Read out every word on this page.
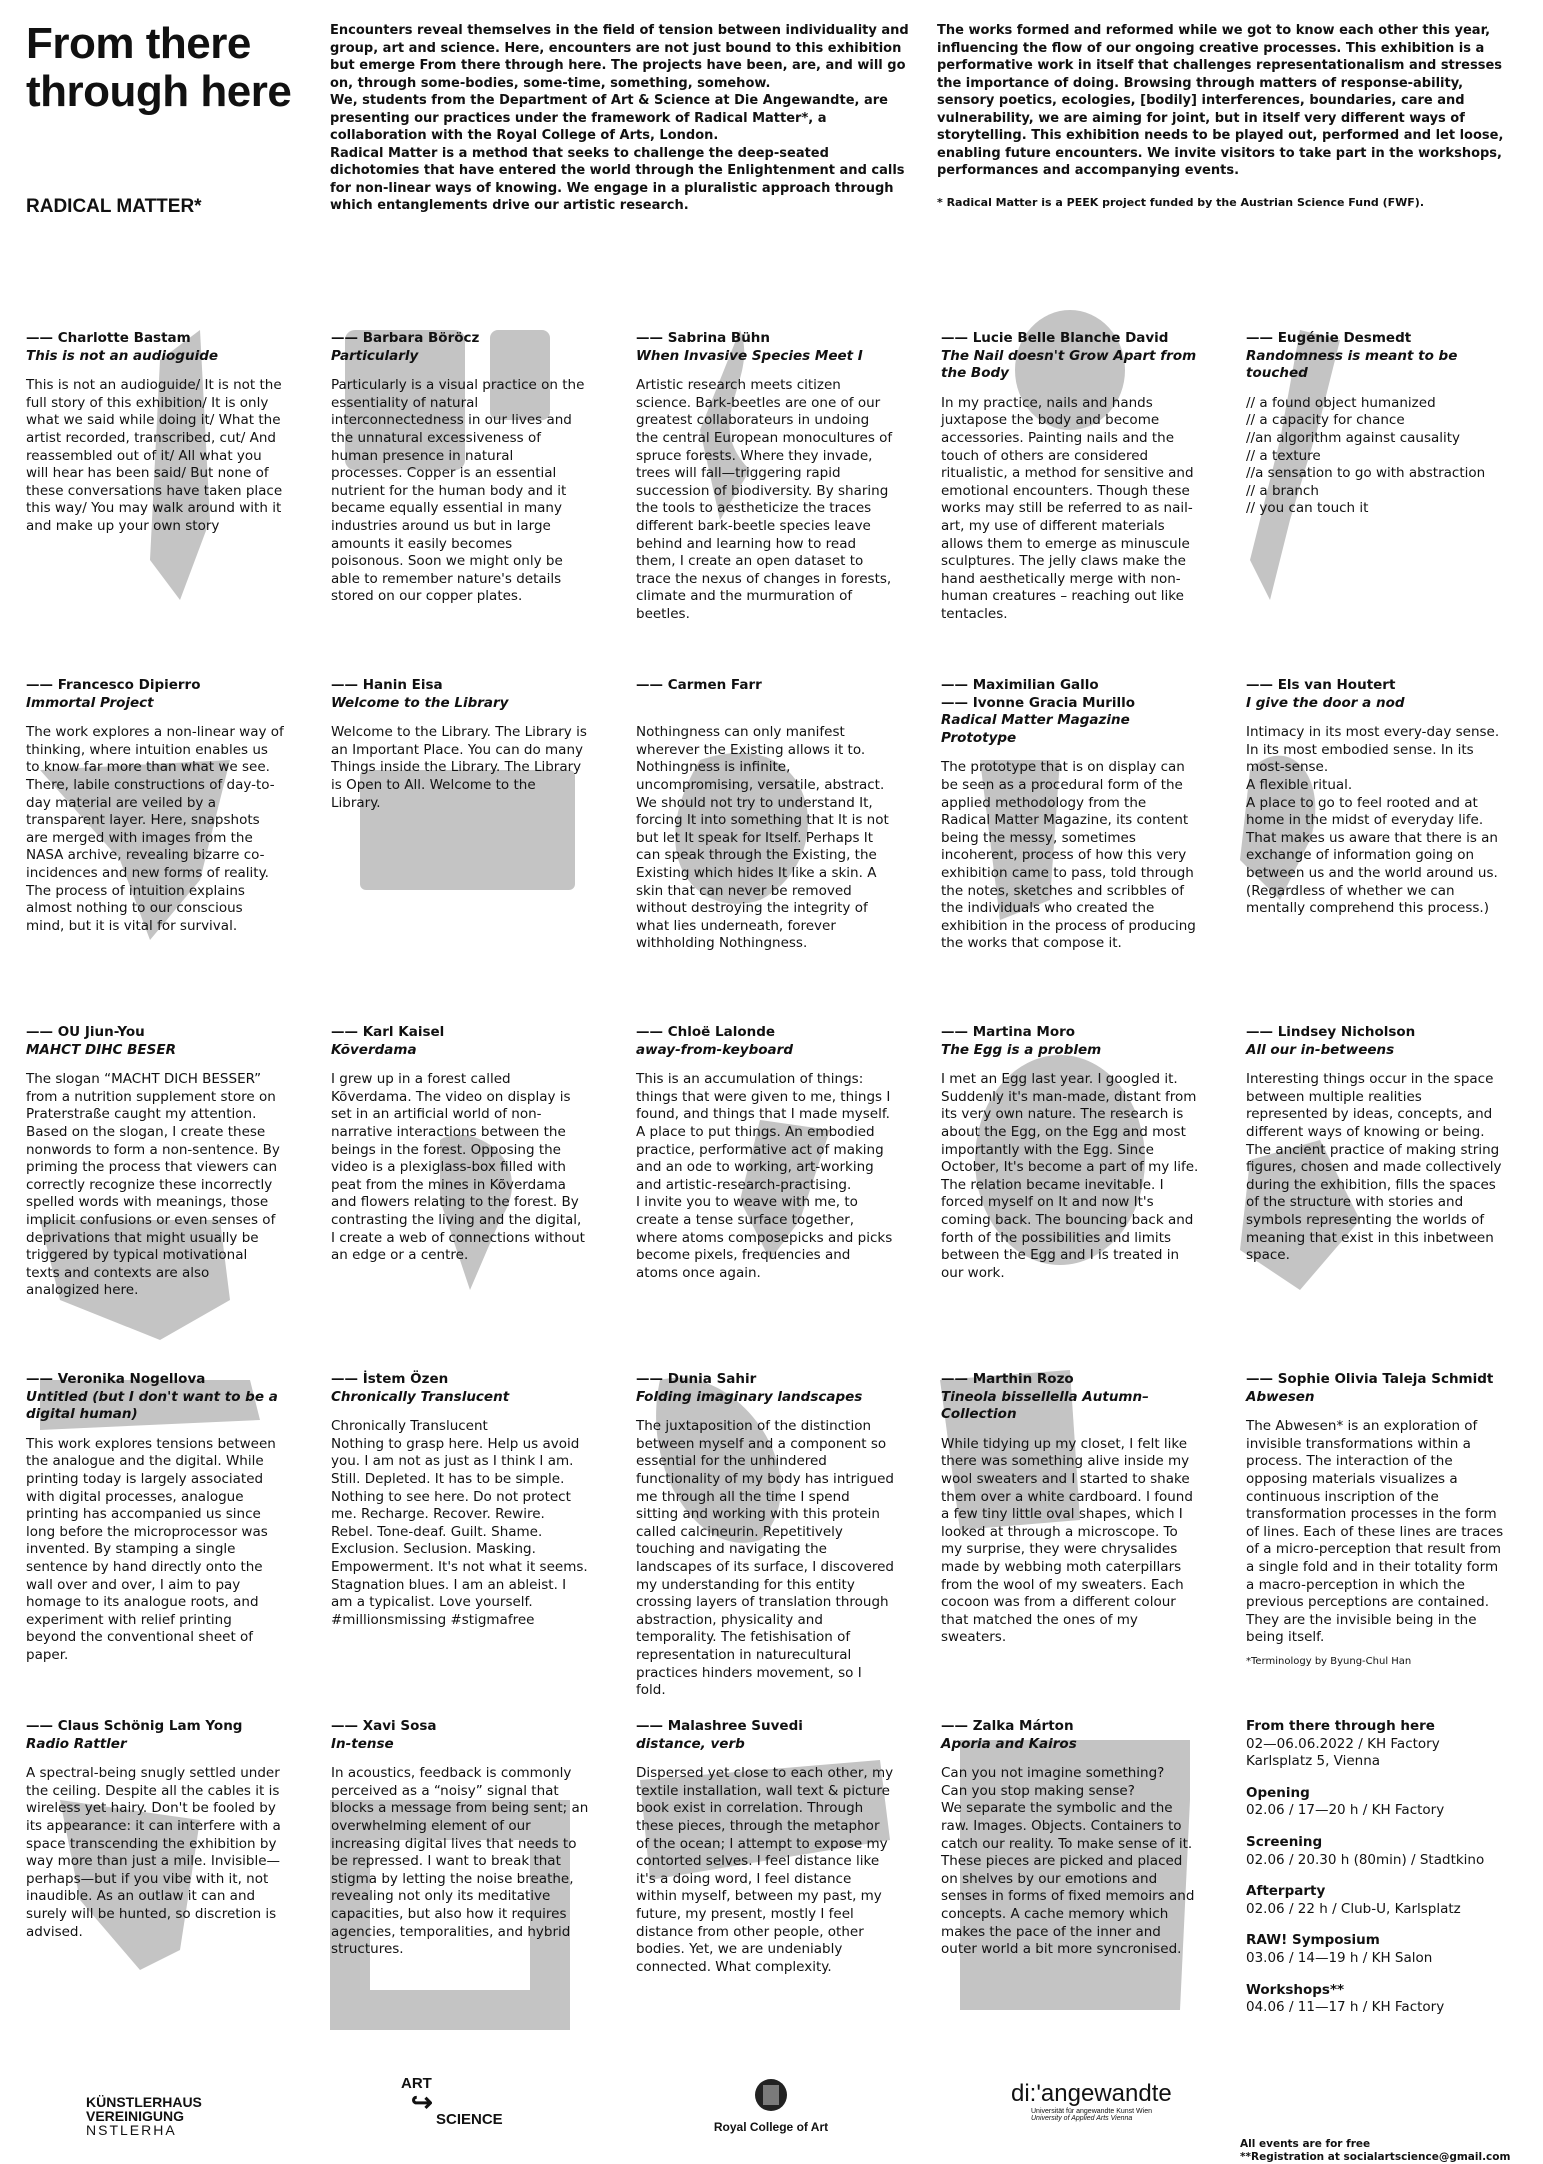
From there
through here
RADICAL MATTER*

Encounters reveal themselves in the field of tension between individuality and group, art and science. Here, encounters are not just bound to this exhibition but emerge From there through here. The projects have been, are, and will go on, through some-bodies, some-time, something, somehow.

We, students from the Department of Art & Science at Die Angewandte, are presenting our practices under the framework of Radical Matter*, a collaboration with the Royal College of Arts, London.

Radical Matter is a method that seeks to challenge the deep-seated dichotomies that have entered the world through the Enlightenment and calls for non-linear ways of knowing. We engage in a pluralistic approach through which entanglements drive our artistic research.

The works formed and reformed while we got to know each other this year, influencing the flow of our ongoing creative processes. This exhibition is a performative work in itself that challenges representationalism and stresses the importance of doing. Browsing through matters of response-ability, sensory poetics, ecologies, [bodily] interferences, boundaries, care and vulnerability, we are aiming for joint, but in itself very different ways of storytelling. This exhibition needs to be played out, performed and let loose, enabling future encounters. We invite visitors to take part in the workshops, performances and accompanying events.

* Radical Matter is a PEEK project funded by the Austrian Science Fund (FWF).

—— Charlotte Bastam
This is not an audioguide
This is not an audioguide/ It is not the full story of this exhibition/ It is only what we said while doing it/ What the artist recorded, transcribed, cut/ And reassembled out of it/ All what you will hear has been said/ But none of these conversations have taken place this way/ You may walk around with it and make up your own story
—— Barbara Böröcz
Particularly
Particularly is a visual practice on the essentiality of natural interconnectedness in our lives and the unnatural excessiveness of human presence in natural processes. Copper is an essential nutrient for the human body and it became equally essential in many industries around us but in large amounts it easily becomes poisonous. Soon we might only be able to remember nature's details stored on our copper plates.
—— Sabrina Bühn
When Invasive Species Meet I
Artistic research meets citizen science. Bark-beetles are one of our greatest collaborateurs in undoing the central European monocultures of spruce forests. Where they invade, trees will fall—triggering rapid succession of biodiversity. By sharing the tools to aestheticize the traces different bark-beetle species leave behind and learning how to read them, I create an open dataset to trace the nexus of changes in forests, climate and the murmuration of beetles.
—— Lucie Belle Blanche David
The Nail doesn't Grow Apart from the Body
In my practice, nails and hands juxtapose the body and become accessories. Painting nails and the touch of others are considered ritualistic, a method for sensitive and emotional encounters. Though these works may still be referred to as nail-art, my use of different materials allows them to emerge as minuscule sculptures. The jelly claws make the hand aesthetically merge with non-human creatures – reaching out like tentacles.
—— Eugénie Desmedt
Randomness is meant to be touched
// a found object humanized
// a capacity for chance
//an algorithm against causality
// a texture
//a sensation to go with abstraction
// a branch
// you can touch it
—— Francesco Dipierro
Immortal Project
The work explores a non-linear way of thinking, where intuition enables us to know far more than what we see. There, labile constructions of day-to-day material are veiled by a transparent layer. Here, snapshots are merged with images from the NASA archive, revealing bizarre co-incidences and new forms of reality.
The process of intuition explains almost nothing to our conscious mind, but it is vital for survival.
—— Hanin Eisa
Welcome to the Library
Welcome to the Library. The Library is an Important Place. You can do many Things inside the Library. The Library is Open to All. Welcome to the Library.
—— Carmen Farr
Nothingness can only manifest wherever the Existing allows it to. Nothingness is infinite, uncompromising, versatile, abstract. We should not try to understand It, forcing It into something that It is not but let It speak for Itself. Perhaps It can speak through the Existing, the Existing which hides It like a skin. A skin that can never be removed without destroying the integrity of what lies underneath, forever withholding Nothingness.
—— Maximilian Gallo
—— Ivonne Gracia Murillo
Radical Matter Magazine Prototype
The prototype that is on display can be seen as a procedural form of the applied methodology from the Radical Matter Magazine, its content being the messy, sometimes incoherent, process of how this very exhibition came to pass, told through the notes, sketches and scribbles of the individuals who created the exhibition in the process of producing the works that compose it.
—— Els van Houtert
I give the door a nod
Intimacy in its most every-day sense. In its most embodied sense. In its most-sense.
A flexible ritual.
A place to go to feel rooted and at home in the midst of everyday life. That makes us aware that there is an exchange of information going on between us and the world around us. (Regardless of whether we can mentally comprehend this process.)
—— OU Jiun-You
MAHCT DIHC BESER
The slogan “MACHT DICH BESSER” from a nutrition supplement store on Praterstraße caught my attention. Based on the slogan, I create these nonwords to form a non-sentence. By priming the process that viewers can correctly recognize these incorrectly spelled words with meanings, those implicit confusions or even senses of deprivations that might usually be triggered by typical motivational texts and contexts are also analogized here.
—— Karl Kaisel
Kõverdama
I grew up in a forest called Kõverdama. The video on display is set in an artificial world of non-narrative interactions between the beings in the forest. Opposing the video is a plexiglass-box filled with peat from the mines in Kõverdama and flowers relating to the forest. By contrasting the living and the digital, I create a web of connections without an edge or a centre.
—— Chloë Lalonde
away-from-keyboard
This is an accumulation of things: things that were given to me, things I found, and things that I made myself. A place to put things. An embodied practice, performative act of making and an ode to working, art-working and artistic-research-practising.
I invite you to weave with me, to create a tense surface together, where atoms composepicks and picks become pixels, frequencies and atoms once again.
—— Martina Moro
The Egg is a problem
I met an Egg last year. I googled it. Suddenly it's man-made, distant from its very own nature. The research is about the Egg, on the Egg and most importantly with the Egg. Since October, It's become a part of my life. The relation became inevitable. I forced myself on It and now It's coming back. The bouncing back and forth of the possibilities and limits between the Egg and I is treated in our work.
—— Lindsey Nicholson
All our in-betweens
Interesting things occur in the space between multiple realities represented by ideas, concepts, and different ways of knowing or being. The ancient practice of making string figures, chosen and made collectively during the exhibition, fills the spaces of the structure with stories and symbols representing the worlds of meaning that exist in this inbetween space.
—— Veronika Nogellova
Untitled (but I don't want to be a digital human)
This work explores tensions between the analogue and the digital. While printing today is largely associated with digital processes, analogue printing has accompanied us since long before the microprocessor was invented. By stamping a single sentence by hand directly onto the wall over and over, I aim to pay homage to its analogue roots, and experiment with relief printing beyond the conventional sheet of paper.
—— İstem Özen
Chronically Translucent
Chronically Translucent
Nothing to grasp here. Help us avoid you. I am not as just as I think I am. Still. Depleted. It has to be simple. Nothing to see here. Do not protect me. Recharge. Recover. Rewire. Rebel. Tone-deaf. Guilt. Shame. Exclusion. Seclusion. Masking. Empowerment. It's not what it seems. Stagnation blues. I am an ableist. I am a typicalist. Love yourself.
#millionsmissing #stigmafree
—— Dunia Sahir
Folding imaginary landscapes
The juxtaposition of the distinction between myself and a component so essential for the unhindered functionality of my body has intrigued me through all the time I spend sitting and working with this protein called calcineurin. Repetitively touching and navigating the landscapes of its surface, I discovered my understanding for this entity crossing layers of translation through abstraction, physicality and temporality. The fetishisation of representation in naturecultural practices hinders movement, so I fold.
—— Marthin Rozo
Tineola bissellella Autumn–Collection
While tidying up my closet, I felt like there was something alive inside my wool sweaters and I started to shake them over a white cardboard. I found a few tiny little oval shapes, which I looked at through a microscope. To my surprise, they were chrysalides made by webbing moth caterpillars from the wool of my sweaters. Each cocoon was from a different colour that matched the ones of my sweaters.
—— Sophie Olivia Taleja Schmidt
Abwesen
The Abwesen* is an exploration of invisible transformations within a process. The interaction of the opposing materials visualizes a continuous inscription of the transformation processes in the form of lines. Each of these lines are traces of a micro-perception that result from a single fold and in their totality form a macro-perception in which the previous perceptions are contained. They are the invisible being in the being itself.
*Terminology by Byung-Chul Han
—— Claus Schönig Lam Yong
Radio Rattler
A spectral-being snugly settled under the ceiling. Despite all the cables it is wireless yet hairy. Don't be fooled by its appearance: it can interfere with a space transcending the exhibition by way more than just a mile. Invisible—perhaps—but if you vibe with it, not inaudible. As an outlaw it can and surely will be hunted, so discretion is advised.
—— Xavi Sosa
In-tense
In acoustics, feedback is commonly perceived as a “noisy” signal that blocks a message from being sent; an overwhelming element of our increasing digital lives that needs to be repressed. I want to break that stigma by letting the noise breathe, revealing not only its meditative capacities, but also how it requires agencies, temporalities, and hybrid structures.
—— Malashree Suvedi
distance, verb
Dispersed yet close to each other, my textile installation, wall text & picture book exist in correlation. Through these pieces, through the metaphor of the ocean; I attempt to expose my contorted selves. I feel distance like it's a doing word, I feel distance within myself, between my past, my future, my present, mostly I feel distance from other people, other bodies. Yet, we are undeniably connected. What complexity.
—— Zalka Márton
Aporia and Kairos
Can you not imagine something?
Can you stop making sense?
We separate the symbolic and the raw. Images. Objects. Containers to catch our reality. To make sense of it. These pieces are picked and placed on shelves by our emotions and senses in forms of fixed memoirs and concepts. A cache memory which makes the pace of the inner and outer world a bit more syncronised.
From there through here
02—06.06.2022 / KH Factory
Karlsplatz 5, Vienna
Opening
02.06 / 17—20 h / KH Factory
Screening
02.06 / 20.30 h (80min) / Stadtkino
Afterparty
02.06 / 22 h / Club-U, Karlsplatz
RAW! Symposium
03.06 / 14—19 h / KH Salon
Workshops**
04.06 / 11—17 h / KH Factory
KÜNSTLERHAUS
VEREINIGUNG
NSTLERHA
ART
↪
SCIENCE	Royal College of Art
di:'angewandte
Universität für angewandte Kunst Wien
University of Applied Arts Vienna
All events are for free
**Registration at socialartscience@gmail.com
